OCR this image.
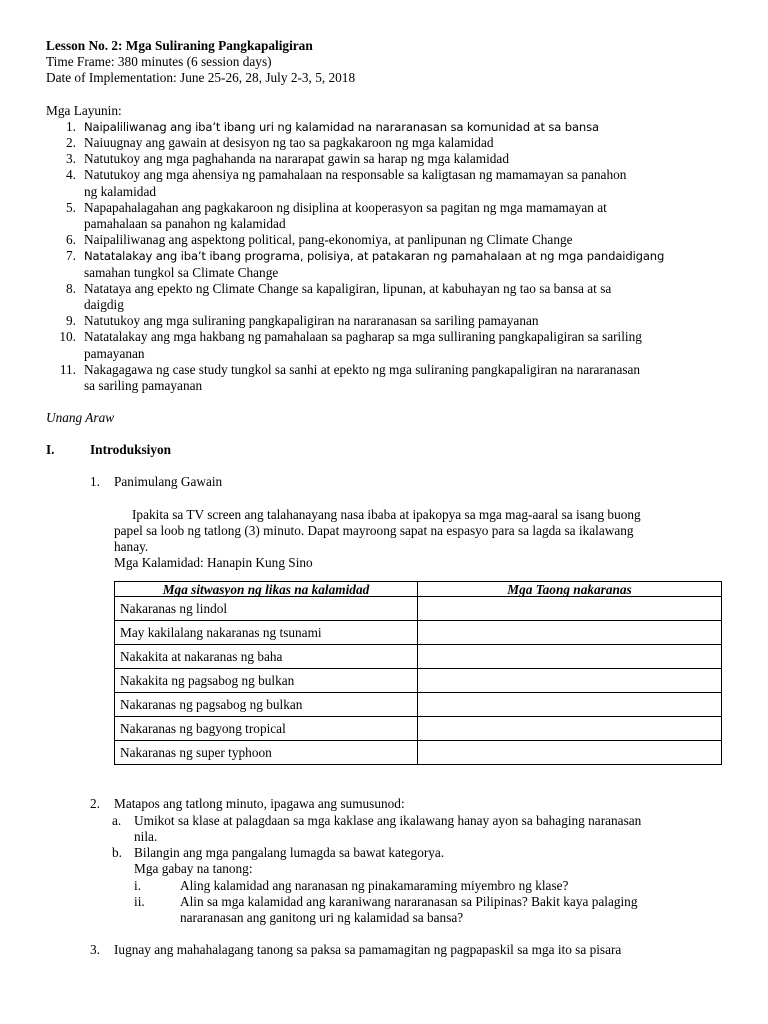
Lesson No. 2: Mga Suliraning Pangkapaligiran
Time Frame: 380 minutes (6 session days)
Date of Implementation: June 25-26, 28, July 2-3, 5, 2018
Mga Layunin:
1. Naipaliliwanag ang iba’t ibang uri ng kalamidad na nararanasan sa komunidad at sa bansa
2. Naiuugnay ang gawain at desisyon ng tao sa pagkakaroon ng mga kalamidad
3. Natutukoy ang mga paghahanda na nararapat gawin sa harap ng mga kalamidad
4. Natutukoy ang mga ahensiya ng pamahalaan na responsable sa kaligtasan ng mamamayan sa panahon
ng kalamidad
5. Napapahalagahan ang pagkakaroon ng disiplina at kooperasyon sa pagitan ng mga mamamayan at
pamahalaan sa panahon ng kalamidad
6. Naipaliliwanag ang aspektong political, pang-ekonomiya, at panlipunan ng Climate Change
7. Natatalakay ang iba’t ibang programa, polisiya, at patakaran ng pamahalaan at ng mga pandaidigang
samahan tungkol sa Climate Change
8. Natataya ang epekto ng Climate Change sa kapaligiran, lipunan, at kabuhayan ng tao sa bansa at sa
daigdig
9. Natutukoy ang mga suliraning pangkapaligiran na nararanasan sa sariling pamayanan
10. Natatalakay ang mga hakbang ng pamahalaan sa pagharap sa mga sulliraning pangkapaligiran sa sariling
pamayanan
11. Nakagagawa ng case study tungkol sa sanhi at epekto ng mga suliraning pangkapaligiran na nararanasan
sa sariling pamayanan
Unang Araw
I.	Introduksiyon
1. Panimulang Gawain
Ipakita sa TV screen ang talahanayang nasa ibaba at ipakopya sa mga mag-aaral sa isang buong
papel sa loob ng tatlong (3) minuto. Dapat mayroong sapat na espasyo para sa lagda sa ikalawang
hanay.
Mga Kalamidad: Hanapin Kung Sino
Mga sitwasyon ng likas na kalamidad	Mga Taong nakaranas
Nakaranas ng lindol	
May kakilalang nakaranas ng tsunami	
Nakakita at nakaranas ng baha	
Nakakita ng pagsabog ng bulkan	
Nakaranas ng pagsabog ng bulkan	
Nakaranas ng bagyong tropical	
Nakaranas ng super typhoon	
2. Matapos ang tatlong minuto, ipagawa ang sumusunod:
a. Umikot sa klase at palagdaan sa mga kaklase ang ikalawang hanay ayon sa bahaging naranasan
nila.
b. Bilangin ang mga pangalang lumagda sa bawat kategorya.
Mga gabay na tanong:
i.	Aling kalamidad ang naranasan ng pinakamaraming miyembro ng klase?
ii.	Alin sa mga kalamidad ang karaniwang nararanasan sa Pilipinas? Bakit kaya palaging
nararanasan ang ganitong uri ng kalamidad sa bansa?
3. Iugnay ang mahahalagang tanong sa paksa sa pamamagitan ng pagpapaskil sa mga ito sa pisara
